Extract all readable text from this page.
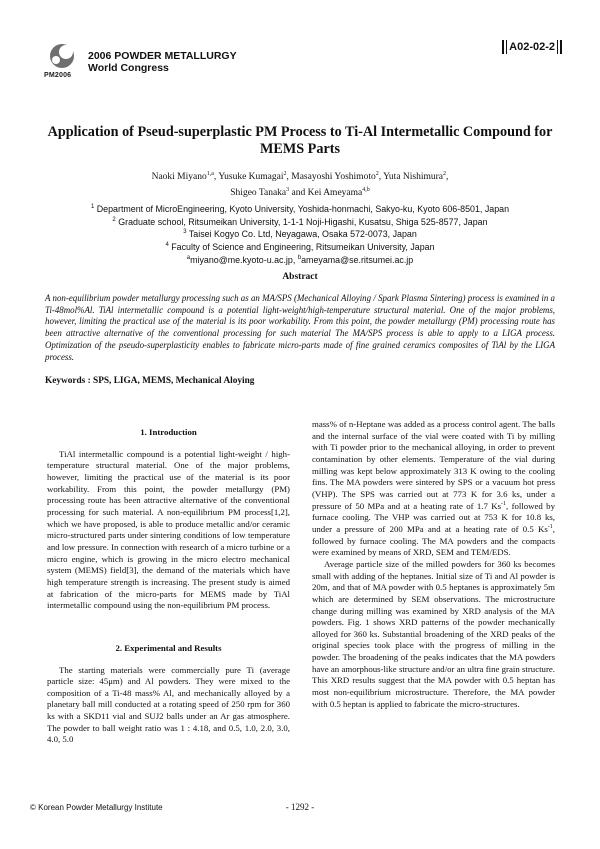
PM2006
2006 POWDER METALLURGY
World Congress
A02-02-2
Application of Pseud-superplastic PM Process to Ti-Al Intermetallic Compound for
MEMS Parts
Naoki Miyano$^{1,a}$, Yusuke Kumagai$^2$, Masayoshi Yoshimoto$^2$, Yuta Nishimura$^2$,
Shigeo Tanaka$^3$ and Kei Ameyama$^{4,b}$
$^1$ Department of MicroEngineering, Kyoto University, Yoshida-honmachi, Sakyo-ku, Kyoto 606-8501, Japan
$^2$ Graduate school, Ritsumeikan University, 1-1-1 Noji-Higashi, Kusatsu, Shiga 525-8577, Japan
$^3$ Taisei Kogyo Co. Ltd, Neyagawa, Osaka 572-0073, Japan
$^4$ Faculty of Science and Engineering, Ritsumeikan University, Japan
$^a$miyano@me.kyoto-u.ac.jp, $^b$ameyama@se.ritsumei.ac.jp
Abstract
A non-equilibrium powder metallurgy processing such as an MA/SPS (Mechanical Alloying / Spark Plasma Sintering) process is examined in a Ti-48mol%Al. TiAl intermetallic compound is a potential light-weight/high-temperature structural material. One of the major problems, however, limiting the practical use of the material is its poor workability. From this point, the powder metallurgy (PM) processing route has been attractive alternative of the conventional processing for such material The MA/SPS process is able to apply to a LIGA process. Optimization of the pseudo-superplasticity enables to fabricate micro-parts made of fine grained ceramics composites of TiAl by the LIGA process.
Keywords : SPS, LIGA, MEMS, Mechanical Aloying

1. Introduction

TiAl intermetallic compound is a potential light-weight / high-temperature structural material. One of the major problems, however, limiting the practical use of the material is its poor workability. From this point, the powder metallurgy (PM) processing route has been attractive alternative of the conventional processing for such material. A non-equilibrium PM process[1,2], which we have proposed, is able to produce metallic and/or ceramic micro-structured parts under sintering conditions of low temperature and low pressure. In connection with research of a micro turbine or a micro engine, which is growing in the micro electro mechanical system (MEMS) field[3], the demand of the materials which have high temperature strength is increasing. The present study is aimed at fabrication of the micro-parts for MEMS made by TiAl intermetallic compound using the non-equilibrium PM process.

2. Experimental and Results

The starting materials were commercially pure Ti (average particle size: 45μm) and Al powders. They were mixed to the composition of a Ti-48 mass% Al, and mechanically alloyed by a planetary ball mill conducted at a rotating speed of 250 rpm for 360 ks with a SKD11 vial and SUJ2 balls under an Ar gas atmosphere. The powder to ball weight ratio was 1 : 4.18, and 0.5, 1.0, 2.0, 3.0, 4.0, 5.0

mass% of n-Heptane was added as a process control agent. The balls and the internal surface of the vial were coated with Ti by milling with Ti powder prior to the mechanical alloying, in order to prevent contamination by other elements. Temperature of the vial during milling was kept below approximately 313 K owing to the cooling fins. The MA powders were sintered by SPS or a vacuum hot press (VHP). The SPS was carried out at 773 K for 3.6 ks, under a pressure of 50 MPa and at a heating rate of 1.7 $Ks^{-1}$, followed by furnace cooling. The VHP was carried out at 753 K for 10.8 ks, under a pressure of 200 MPa and at a heating rate of 0.5 $Ks^{-1}$, followed by furnace cooling. The MA powders and the compacts were examined by means of XRD, SEM and TEM/EDS.

Average particle size of the milled powders for 360 ks becomes small with adding of the heptanes. Initial size of Ti and Al powder is 20m, and that of MA powder with 0.5 heptanes is approximately 5m which are determined by SEM observations. The microstructure change during milling was examined by XRD analysis of the MA powders. Fig. 1 shows XRD patterns of the powder mechanically alloyed for 360 ks. Substantial broadening of the XRD peaks of the original species took place with the progress of milling in the powder. The broadening of the peaks indicates that the MA powders have an amorphous-like structure and/or an ultra fine grain structure. This XRD results suggest that the MA powder with 0.5 heptan has most non-equilibrium microstructure. Therefore, the MA powder with 0.5 heptan is applied to fabricate the micro-structures.

© Korean Powder Metallurgy Institute	- 1292 -
